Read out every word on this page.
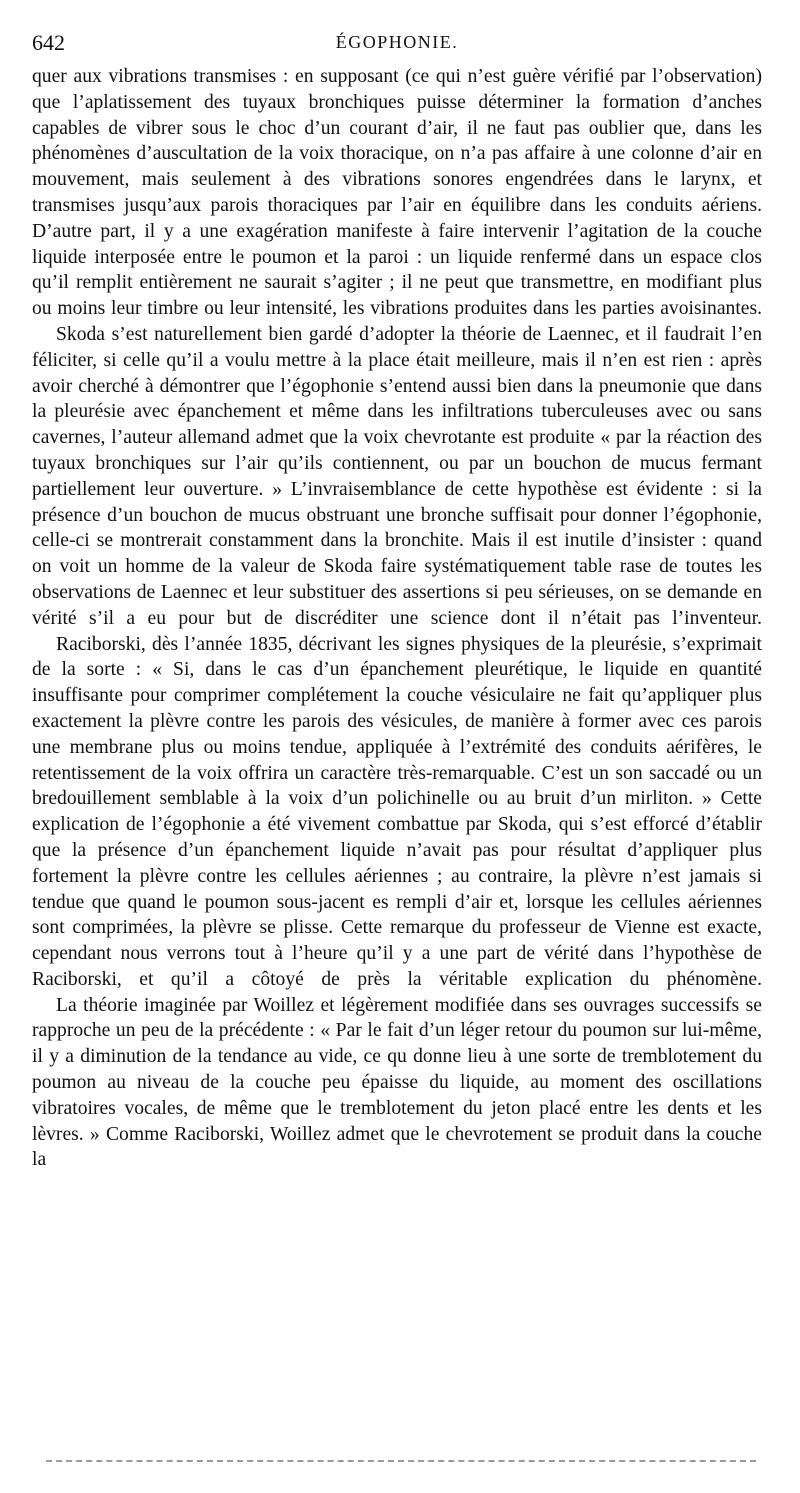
642	ÉGOPHONIE.

quer aux vibrations transmises : en supposant (ce qui n’est guère vérifié par l’observation) que l’aplatissement des tuyaux bronchiques puisse déterminer la formation d’anches capables de vibrer sous le choc d’un courant d’air, il ne faut pas oublier que, dans les phénomènes d’auscultation de la voix thoracique, on n’a pas affaire à une colonne d’air en mouvement, mais seulement à des vibrations sonores engendrées dans le larynx, et transmises jusqu’aux parois thoraciques par l’air en équilibre dans les conduits aériens. D’autre part, il y a une exagération manifeste à faire intervenir l’agitation de la couche liquide interposée entre le poumon et la paroi : un liquide renfermé dans un espace clos qu’il remplit entièrement ne saurait s’agiter ; il ne peut que transmettre, en modifiant plus ou moins leur timbre ou leur intensité, les vibrations produites dans les parties avoisinantes.

Skoda s’est naturellement bien gardé d’adopter la théorie de Laennec, et il faudrait l’en féliciter, si celle qu’il a voulu mettre à la place était meilleure, mais il n’en est rien : après avoir cherché à démontrer que l’égophonie s’entend aussi bien dans la pneumonie que dans la pleurésie avec épanchement et même dans les infiltrations tuberculeuses avec ou sans cavernes, l’auteur allemand admet que la voix chevrotante est produite « par la réaction des tuyaux bronchiques sur l’air qu’ils contiennent, ou par un bouchon de mucus fermant partiellement leur ouverture. » L’invraisemblance de cette hypothèse est évidente : si la présence d’un bouchon de mucus obstruant une bronche suffisait pour donner l’égophonie, celle-ci se montrerait constamment dans la bronchite. Mais il est inutile d’insister : quand on voit un homme de la valeur de Skoda faire systématiquement table rase de toutes les observations de Laennec et leur substituer des assertions si peu sérieuses, on se demande en vérité s’il a eu pour but de discréditer une science dont il n’était pas l’inventeur.

Raciborski, dès l’année 1835, décrivant les signes physiques de la pleurésie, s’exprimait de la sorte : « Si, dans le cas d’un épanchement pleurétique, le liquide en quantité insuffisante pour comprimer complétement la couche vésiculaire ne fait qu’appliquer plus exactement la plèvre contre les parois des vésicules, de manière à former avec ces parois une membrane plus ou moins tendue, appliquée à l’extrémité des conduits aérifères, le retentissement de la voix offrira un caractère très-remarquable. C’est un son saccadé ou un bredouillement semblable à la voix d’un polichinelle ou au bruit d’un mirliton. » Cette explication de l’égophonie a été vivement combattue par Skoda, qui s’est efforcé d’établir que la présence d’un épanchement liquide n’avait pas pour résultat d’appliquer plus fortement la plèvre contre les cellules aériennes ; au contraire, la plèvre n’est jamais si tendue que quand le poumon sous-jacent es rempli d’air et, lorsque les cellules aériennes sont comprimées, la plèvre se plisse. Cette remarque du professeur de Vienne est exacte, cependant nous verrons tout à l’heure qu’il y a une part de vérité dans l’hypothèse de Raciborski, et qu’il a côtoyé de près la véritable explication du phénomène.

La théorie imaginée par Woillez et légèrement modifiée dans ses ouvrages successifs se rapproche un peu de la précédente : « Par le fait d’un léger retour du poumon sur lui-même, il y a diminution de la tendance au vide, ce qu donne lieu à une sorte de tremblotement du poumon au niveau de la couche peu épaisse du liquide, au moment des oscillations vibratoires vocales, de même que le tremblotement du jeton placé entre les dents et les lèvres. » Comme Raciborski, Woillez admet que le chevrotement se produit dans la couche la
